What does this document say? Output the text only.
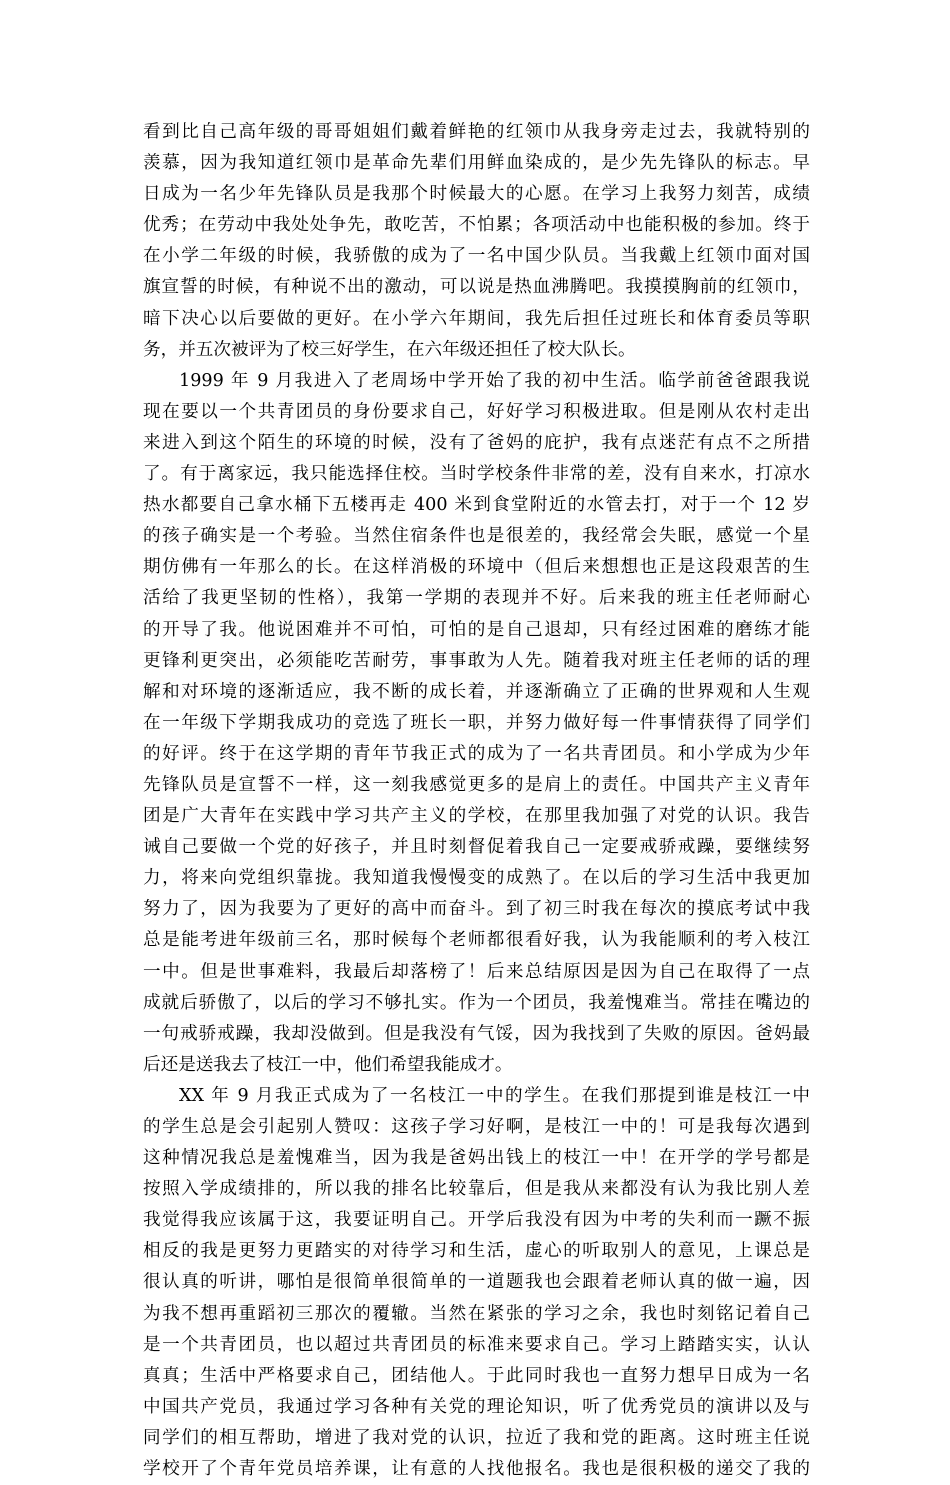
看到比自己高年级的哥哥姐姐们戴着鲜艳的红领巾从我身旁走过去，我就特别的
羡慕，因为我知道红领巾是革命先辈们用鲜血染成的，是少先先锋队的标志。早
日成为一名少年先锋队员是我那个时候最大的心愿。在学习上我努力刻苦，成绩
优秀；在劳动中我处处争先，敢吃苦，不怕累；各项活动中也能积极的参加。终于
在小学二年级的时候，我骄傲的成为了一名中国少队员。当我戴上红领巾面对国
旗宣誓的时候，有种说不出的激动，可以说是热血沸腾吧。我摸摸胸前的红领巾，
暗下决心以后要做的更好。在小学六年期间，我先后担任过班长和体育委员等职
务，并五次被评为了校三好学生，在六年级还担任了校大队长。
1999 年 9 月我进入了老周场中学开始了我的初中生活。临学前爸爸跟我说
现在要以一个共青团员的身份要求自己，好好学习积极进取。但是刚从农村走出
来进入到这个陌生的环境的时候，没有了爸妈的庇护，我有点迷茫有点不之所措
了。有于离家远，我只能选择住校。当时学校条件非常的差，没有自来水，打凉水
热水都要自己拿水桶下五楼再走 400 米到食堂附近的水管去打，对于一个 12 岁
的孩子确实是一个考验。当然住宿条件也是很差的，我经常会失眠，感觉一个星
期仿佛有一年那么的长。在这样消极的环境中（但后来想想也正是这段艰苦的生
活给了我更坚韧的性格），我第一学期的表现并不好。后来我的班主任老师耐心
的开导了我。他说困难并不可怕，可怕的是自己退却，只有经过困难的磨练才能
更锋利更突出，必须能吃苦耐劳，事事敢为人先。随着我对班主任老师的话的理
解和对环境的逐渐适应，我不断的成长着，并逐渐确立了正确的世界观和人生观
在一年级下学期我成功的竞选了班长一职，并努力做好每一件事情获得了同学们
的好评。终于在这学期的青年节我正式的成为了一名共青团员。和小学成为少年
先锋队员是宣誓不一样，这一刻我感觉更多的是肩上的责任。中国共产主义青年
团是广大青年在实践中学习共产主义的学校，在那里我加强了对党的认识。我告
诫自己要做一个党的好孩子，并且时刻督促着我自己一定要戒骄戒躁，要继续努
力，将来向党组织靠拢。我知道我慢慢变的成熟了。在以后的学习生活中我更加
努力了，因为我要为了更好的高中而奋斗。到了初三时我在每次的摸底考试中我
总是能考进年级前三名，那时候每个老师都很看好我，认为我能顺利的考入枝江
一中。但是世事难料，我最后却落榜了！后来总结原因是因为自己在取得了一点
成就后骄傲了，以后的学习不够扎实。作为一个团员，我羞愧难当。常挂在嘴边的
一句戒骄戒躁，我却没做到。但是我没有气馁，因为我找到了失败的原因。爸妈最
后还是送我去了枝江一中，他们希望我能成才。
XX 年 9 月我正式成为了一名枝江一中的学生。在我们那提到谁是枝江一中
的学生总是会引起别人赞叹：这孩子学习好啊，是枝江一中的！可是我每次遇到
这种情况我总是羞愧难当，因为我是爸妈出钱上的枝江一中！在开学的学号都是
按照入学成绩排的，所以我的排名比较靠后，但是我从来都没有认为我比别人差
我觉得我应该属于这，我要证明自己。开学后我没有因为中考的失利而一蹶不振
相反的我是更努力更踏实的对待学习和生活，虚心的听取别人的意见，上课总是
很认真的听讲，哪怕是很简单很简单的一道题我也会跟着老师认真的做一遍，因
为我不想再重蹈初三那次的覆辙。当然在紧张的学习之余，我也时刻铭记着自己
是一个共青团员，也以超过共青团员的标准来要求自己。学习上踏踏实实，认认
真真；生活中严格要求自己，团结他人。于此同时我也一直努力想早日成为一名
中国共产党员，我通过学习各种有关党的理论知识，听了优秀党员的演讲以及与
同学们的相互帮助，增进了我对党的认识，拉近了我和党的距离。这时班主任说
学校开了个青年党员培养课，让有意的人找他报名。我也是很积极的递交了我的
